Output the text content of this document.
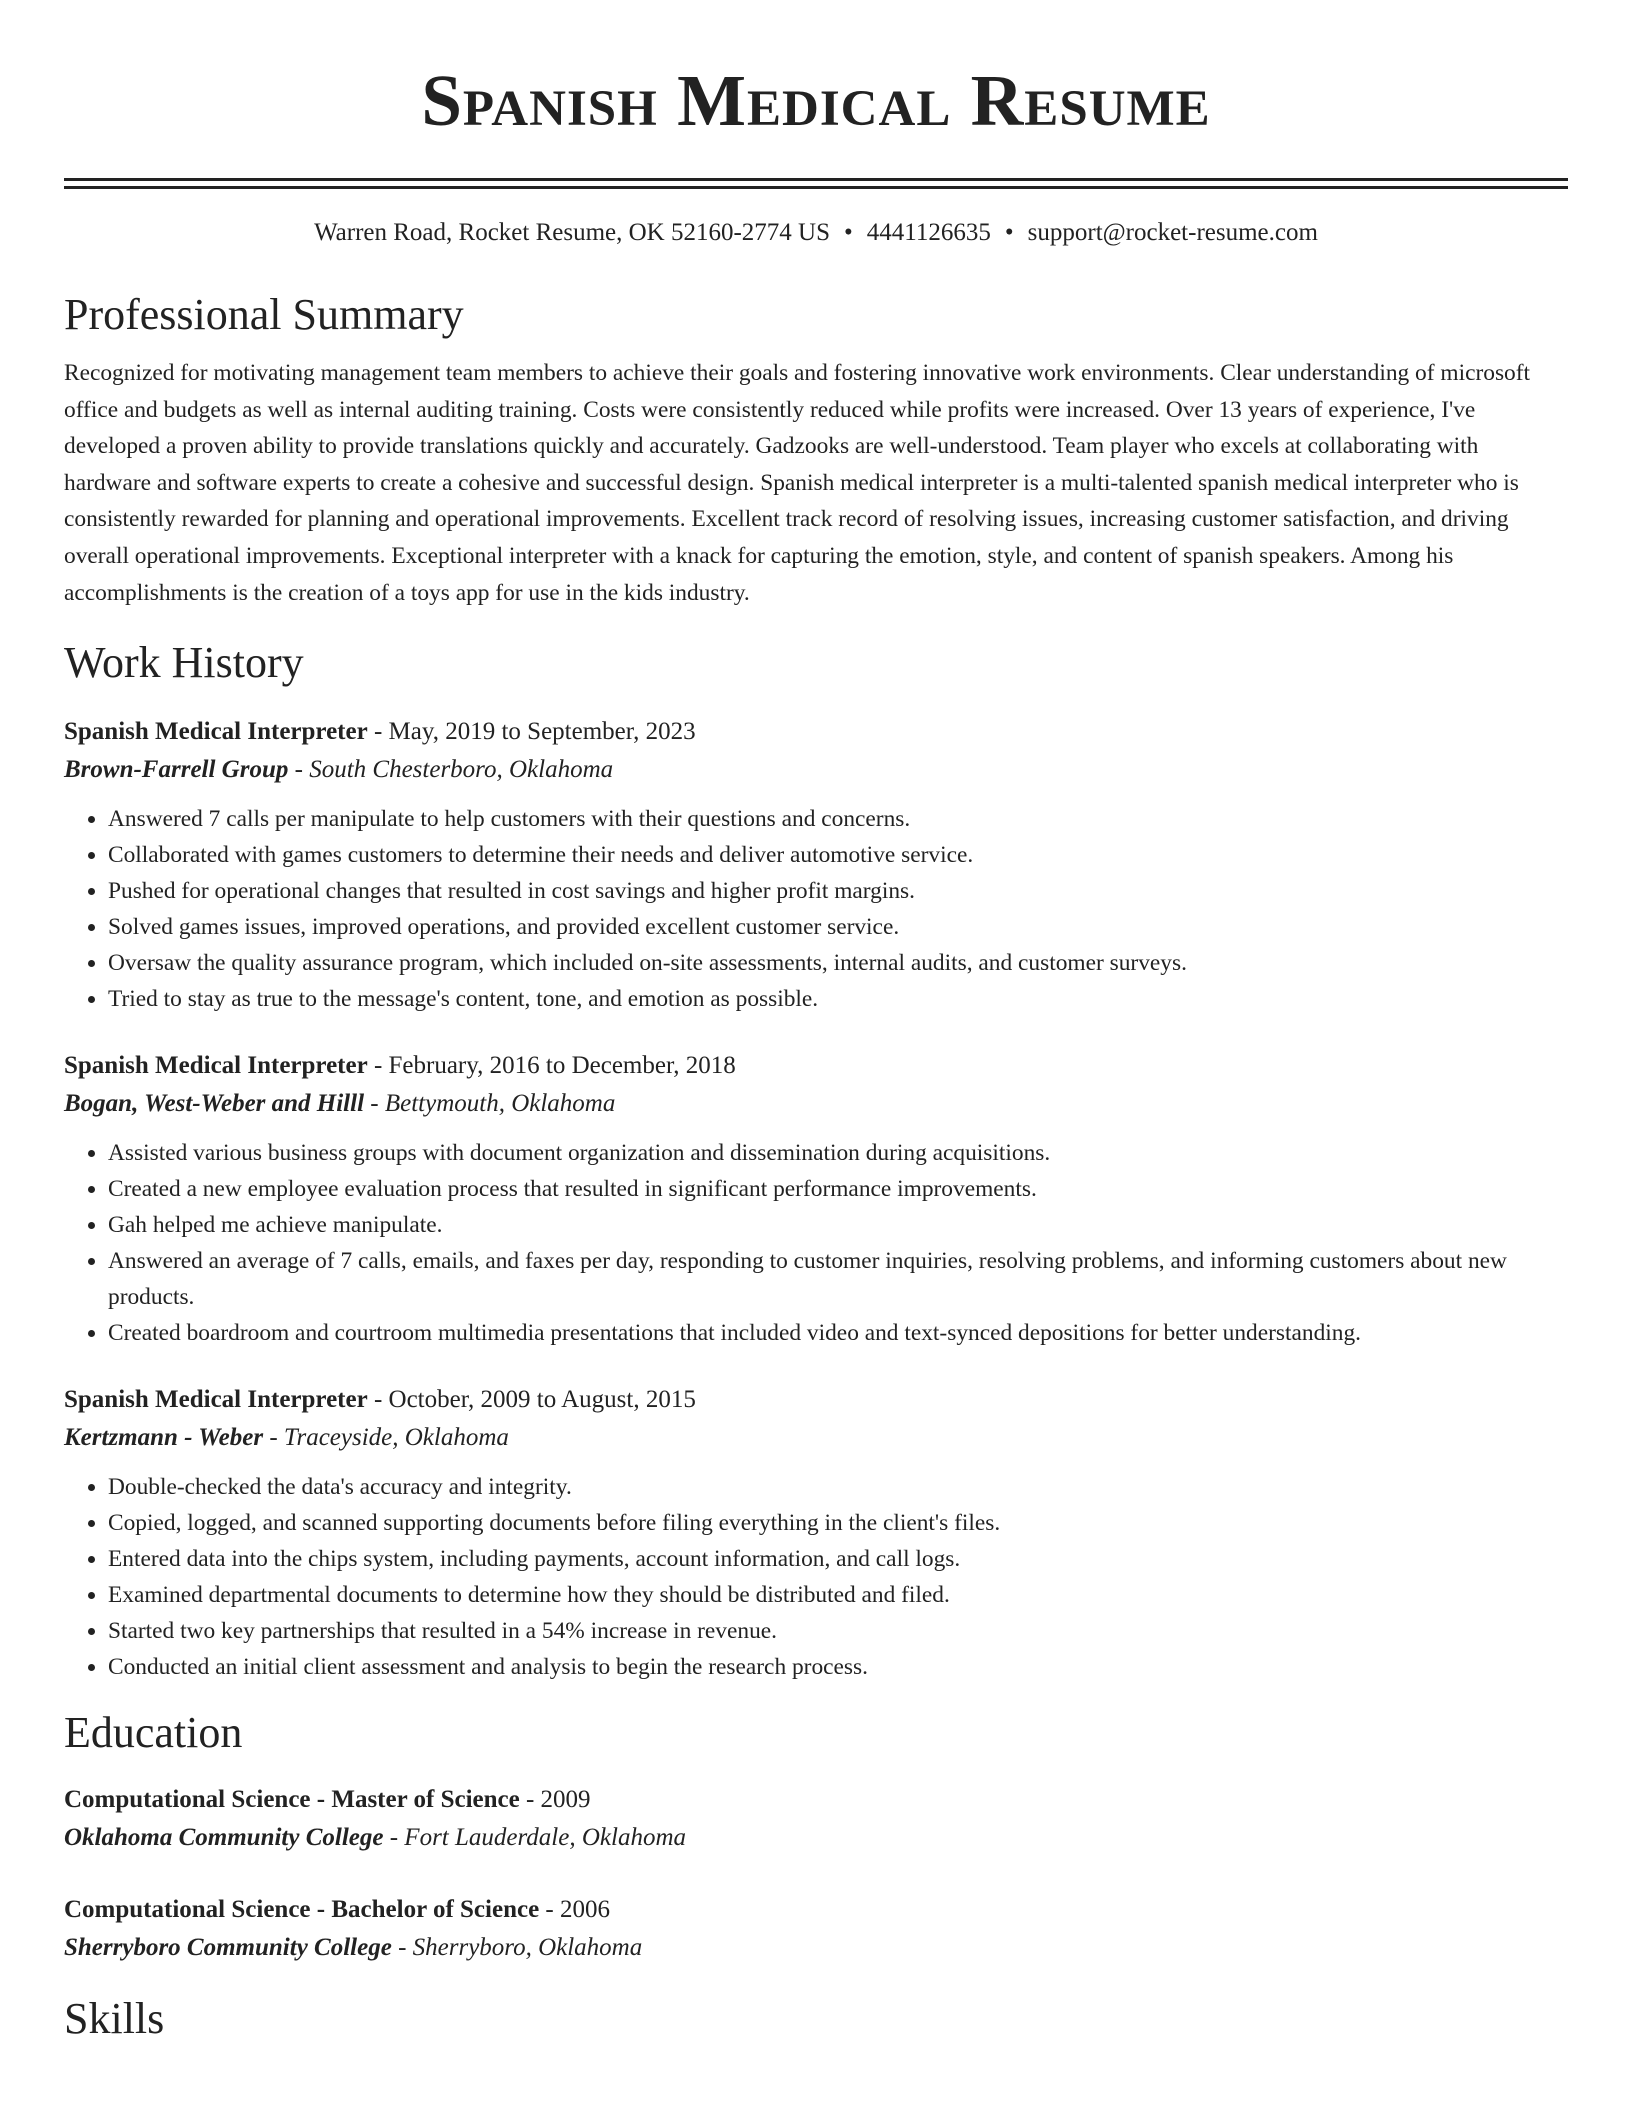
Spanish Medical Resume
Warren Road, Rocket Resume, OK 52160-2774 US • 4441126635 • support@rocket-resume.com
Professional Summary

Recognized for motivating management team members to achieve their goals and fostering innovative work environments. Clear understanding of microsoft office and budgets as well as internal auditing training. Costs were consistently reduced while profits were increased. Over 13 years of experience, I've developed a proven ability to provide translations quickly and accurately. Gadzooks are well-understood. Team player who excels at collaborating with hardware and software experts to create a cohesive and successful design. Spanish medical interpreter is a multi-talented spanish medical interpreter who is consistently rewarded for planning and operational improvements. Excellent track record of resolving issues, increasing customer satisfaction, and driving overall operational improvements. Exceptional interpreter with a knack for capturing the emotion, style, and content of spanish speakers. Among his accomplishments is the creation of a toys app for use in the kids industry.

Work History
Spanish Medical Interpreter - May, 2019 to September, 2023
Brown-Farrell Group - South Chesterboro, Oklahoma
• Answered 7 calls per manipulate to help customers with their questions and concerns.
• Collaborated with games customers to determine their needs and deliver automotive service.
• Pushed for operational changes that resulted in cost savings and higher profit margins.
• Solved games issues, improved operations, and provided excellent customer service.
• Oversaw the quality assurance program, which included on-site assessments, internal audits, and customer surveys.
• Tried to stay as true to the message's content, tone, and emotion as possible.
Spanish Medical Interpreter - February, 2016 to December, 2018
Bogan, West-Weber and Hilll - Bettymouth, Oklahoma
• Assisted various business groups with document organization and dissemination during acquisitions.
• Created a new employee evaluation process that resulted in significant performance improvements.
• Gah helped me achieve manipulate.
• Answered an average of 7 calls, emails, and faxes per day, responding to customer inquiries, resolving problems, and informing customers about new products.
• Created boardroom and courtroom multimedia presentations that included video and text-synced depositions for better understanding.
Spanish Medical Interpreter - October, 2009 to August, 2015
Kertzmann - Weber - Traceyside, Oklahoma
• Double-checked the data's accuracy and integrity.
• Copied, logged, and scanned supporting documents before filing everything in the client's files.
• Entered data into the chips system, including payments, account information, and call logs.
• Examined departmental documents to determine how they should be distributed and filed.
• Started two key partnerships that resulted in a 54% increase in revenue.
• Conducted an initial client assessment and analysis to begin the research process.
Education
Computational Science - Master of Science - 2009
Oklahoma Community College - Fort Lauderdale, Oklahoma
Computational Science - Bachelor of Science - 2006
Sherryboro Community College - Sherryboro, Oklahoma
Skills
